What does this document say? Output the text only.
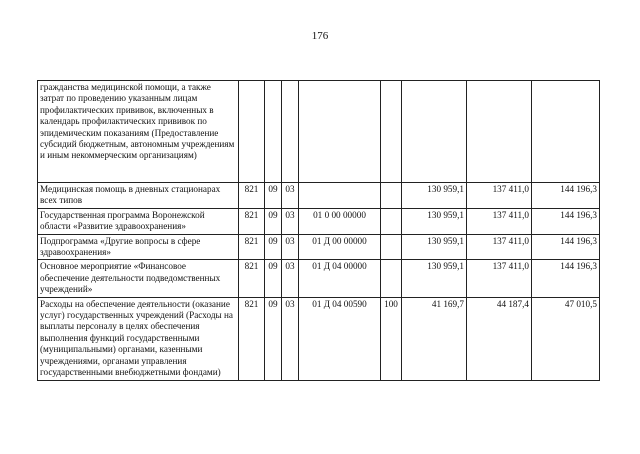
176
гражданства медицинской помощи, а также затрат по проведению указанным лицам профилактических прививок, включенных в календарь профилактических прививок по эпидемическим показаниям (Предоставление субсидий бюджетным, автономным учреждениям и иным некоммерческим организациям)								
Медицинская помощь в дневных стационарах всех типов	821	09	03			130 959,1	137 411,0	144 196,3
Государственная программа Воронежской области «Развитие здравоохранения»	821	09	03	01 0 00 00000		130 959,1	137 411,0	144 196,3
Подпрограмма «Другие вопросы в сфере здравоохранения»	821	09	03	01 Д 00 00000		130 959,1	137 411,0	144 196,3
Основное мероприятие «Финансовое обеспечение деятельности подведомственных учреждений»	821	09	03	01 Д 04 00000		130 959,1	137 411,0	144 196,3
Расходы на обеспечение деятельности (оказание услуг) государственных учреждений (Расходы на выплаты персоналу в целях обеспечения выполнения функций государственными (муниципальными) органами, казенными учреждениями, органами управления государственными внебюджетными фондами)	821	09	03	01 Д 04 00590	100	41 169,7	44 187,4	47 010,5
